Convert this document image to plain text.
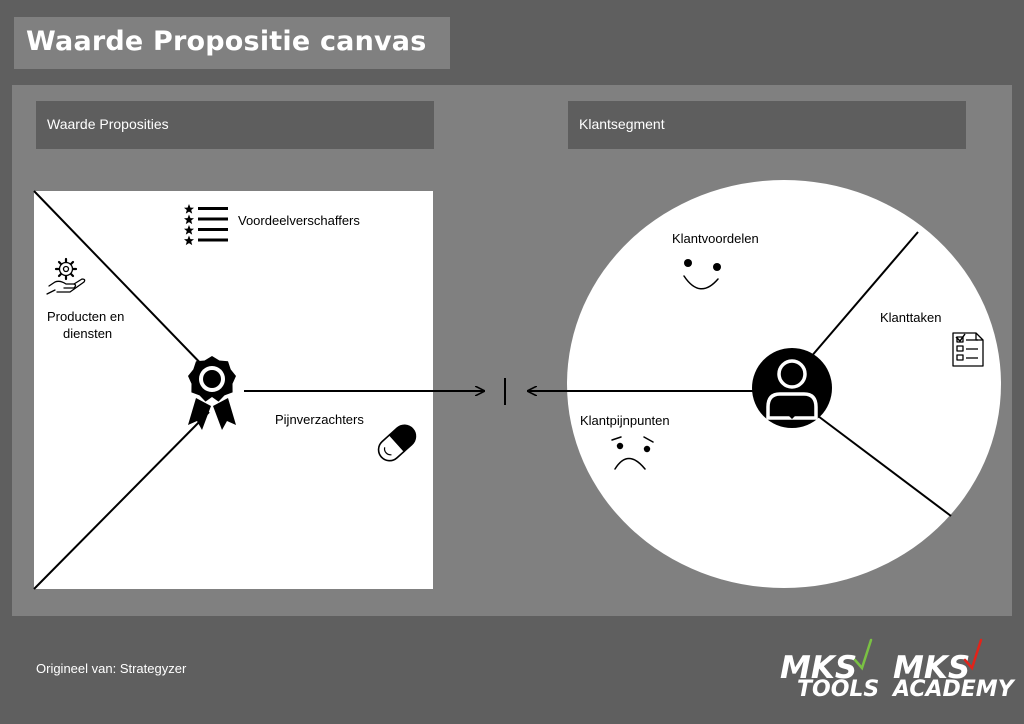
Waarde Propositie canvas
Waarde Proposities	Klantsegment
MKS
TOOLS
MKS
ACADEMY
Voordeelverschaffers
Producten en
diensten
Pijnverzachters
Klantvoordelen
Klanttaken
Klantpijnpunten
Origineel van: Strategyzer
